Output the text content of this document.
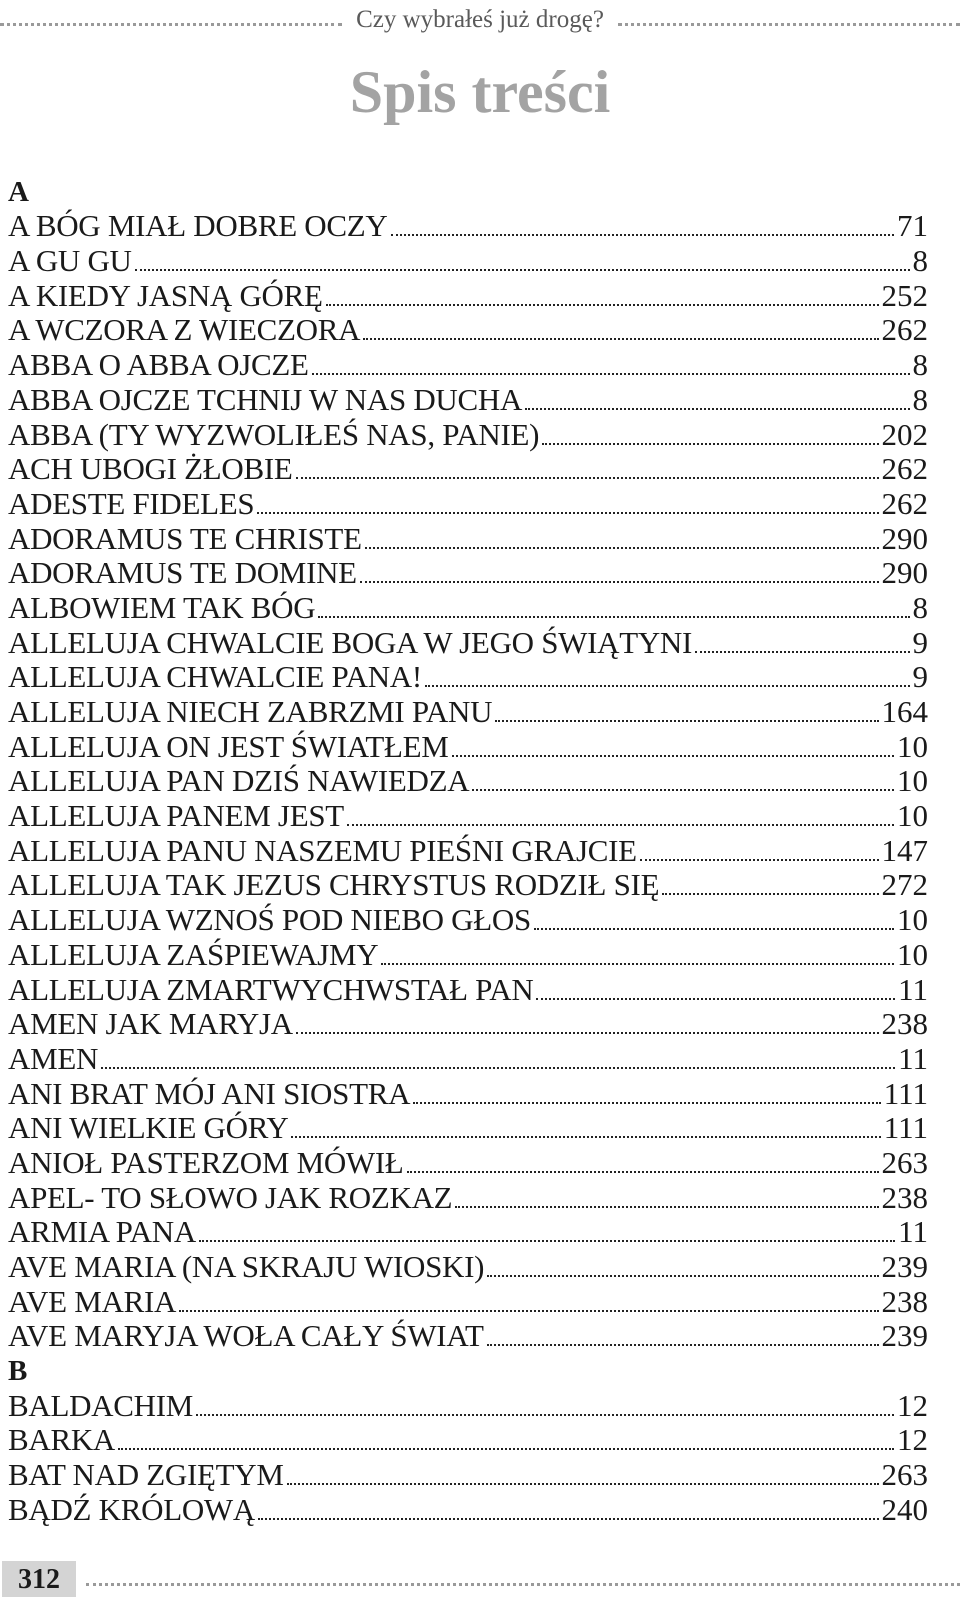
Czy wybrałeś już drogę?
Spis treści
A
A BÓG MIAŁ DOBRE OCZY	71
A GU GU	8
A KIEDY JASNĄ GÓRĘ	252
A WCZORA Z WIECZORA	262
ABBA O ABBA OJCZE	8
ABBA OJCZE TCHNIJ W NAS DUCHA	8
ABBA (TY WYZWOLIŁEŚ NAS, PANIE)	202
ACH UBOGI ŻŁOBIE	262
ADESTE FIDELES	262
ADORAMUS TE CHRISTE	290
ADORAMUS TE DOMINE	290
ALBOWIEM TAK BÓG	8
ALLELUJA CHWALCIE BOGA W JEGO ŚWIĄTYNI	9
ALLELUJA CHWALCIE PANA!	9
ALLELUJA NIECH ZABRZMI PANU	164
ALLELUJA ON JEST ŚWIATŁEM	10
ALLELUJA PAN DZIŚ NAWIEDZA	10
ALLELUJA PANEM JEST	10
ALLELUJA PANU NASZEMU PIEŚNI GRAJCIE	147
ALLELUJA TAK JEZUS CHRYSTUS RODZIŁ SIĘ	272
ALLELUJA WZNOŚ POD NIEBO GŁOS	10
ALLELUJA ZAŚPIEWAJMY	10
ALLELUJA ZMARTWYCHWSTAŁ PAN	11
AMEN JAK MARYJA	238
AMEN	11
ANI BRAT MÓJ ANI SIOSTRA	111
ANI WIELKIE GÓRY	111
ANIOŁ PASTERZOM MÓWIŁ	263
APEL- TO SŁOWO JAK ROZKAZ	238
ARMIA PANA	11
AVE MARIA (NA SKRAJU WIOSKI)	239
AVE MARIA	238
AVE MARYJA WOŁA CAŁY ŚWIAT	239
B
BALDACHIM	12
BARKA	12
BAT NAD ZGIĘTYM	263
BĄDŹ KRÓLOWĄ	240
312
